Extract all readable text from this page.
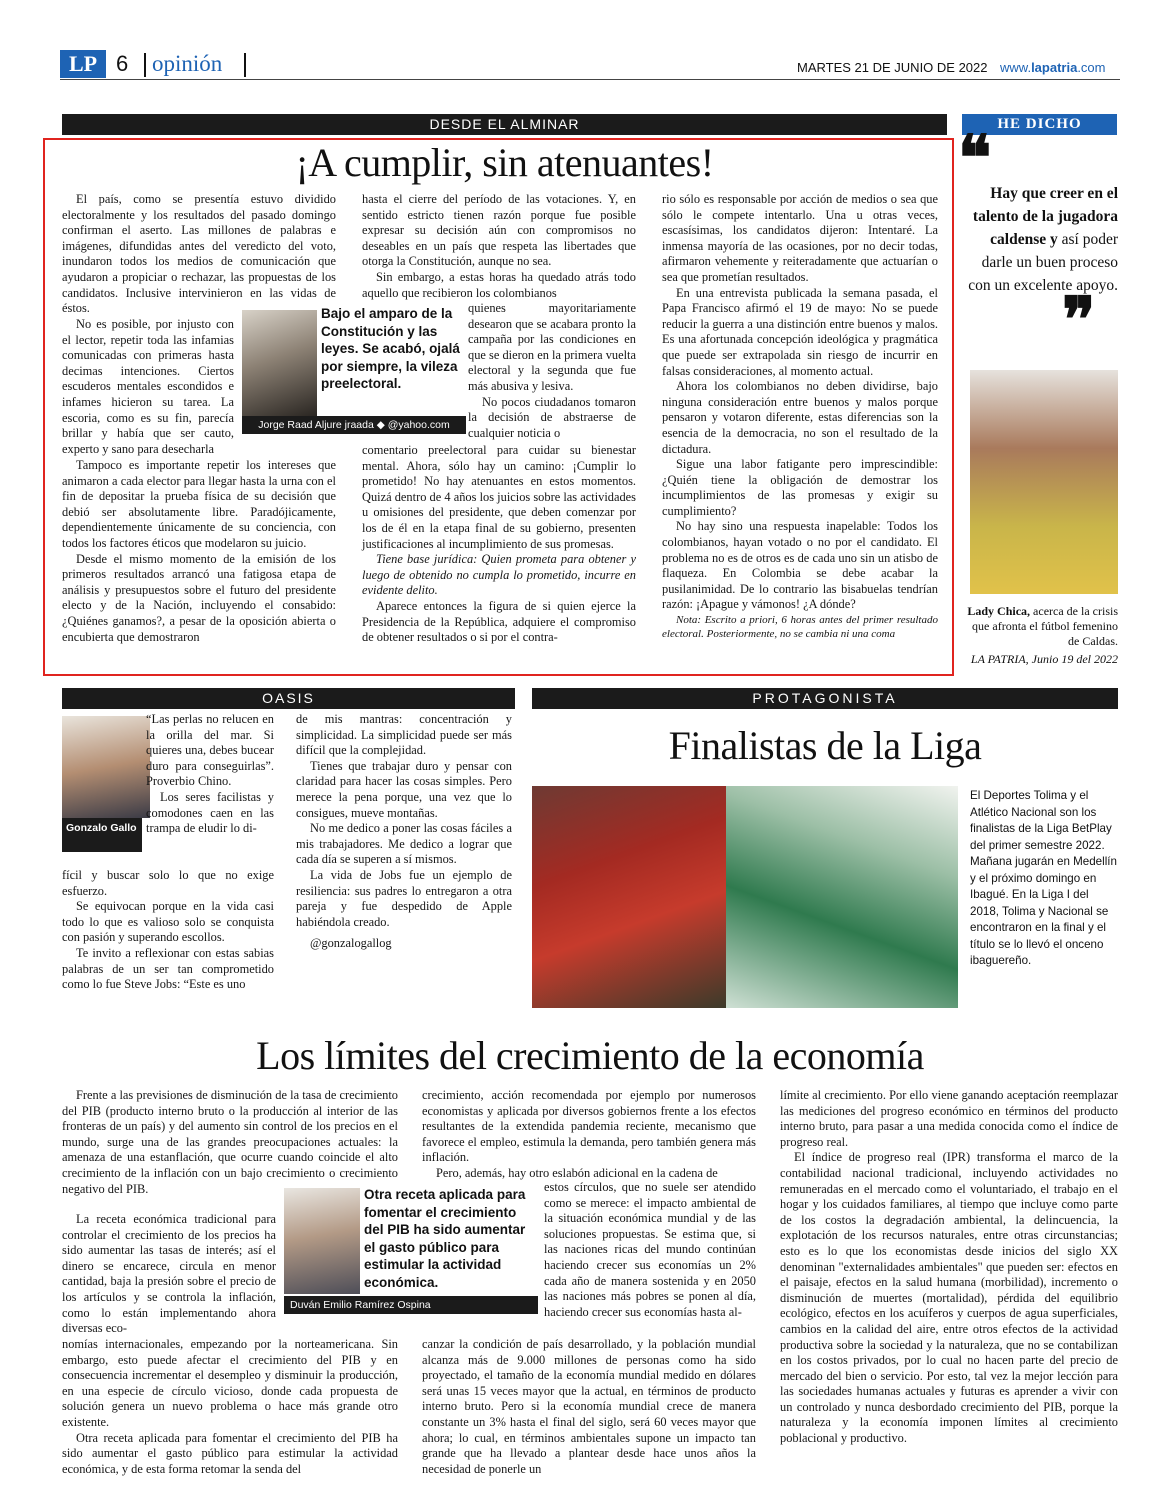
LP 6 opinión	MARTES 21 DE JUNIO DE 2022 www.lapatria.com
DESDE EL ALMINAR
¡A cumplir, sin atenuantes!

El país, como se presentía estuvo dividido electoralmente y los resultados del pasado domingo confirman el aserto. Las millones de palabras e imágenes, difundidas antes del veredicto del voto, inundaron todos los medios de comunicación que ayudaron a propiciar o rechazar, las propuestas de los candidatos. Inclusive intervinieron en las vidas de éstos.

No es posible, por injusto con el lector, repetir toda las infamias comunicadas con primeras hasta decimas intenciones. Ciertos escuderos mentales escondidos e infames hicieron su tarea. La escoria, como es su fin, parecía brillar y había que ser cauto, experto y sano para desecharla

Tampoco es importante repetir los intereses que animaron a cada elector para llegar hasta la urna con el fin de depositar la prueba física de su decisión que debió ser absolutamente libre. Paradójicamente, dependientemente únicamente de su conciencia, con todos los factores éticos que modelaron su juicio.

Desde el mismo momento de la emisión de los primeros resultados arrancó una fatigosa etapa de análisis y presupuestos sobre el futuro del presidente electo y de la Nación, incluyendo el consabido: ¿Quiénes ganamos?, a pesar de la oposición abierta o encubierta que demostraron

Bajo el amparo de la Constitución y las leyes. Se acabó, ojalá por siempre, la vileza preelectoral.
Jorge Raad Aljure jraada ◆ @yahoo.com

hasta el cierre del período de las votaciones. Y, en sentido estricto tienen razón porque fue posible expresar su decisión aún con compromisos no deseables en un país que respeta las libertades que otorga la Constitución, aunque no sea.

Sin embargo, a estas horas ha quedado atrás todo aquello que recibieron los colombianos

quienes mayoritariamente desearon que se acabara pronto la campaña por las condiciones en que se dieron en la primera vuelta electoral y la segunda que fue más abusiva y lesiva.

No pocos ciudadanos tomaron la decisión de abstraerse de cualquier noticia o

comentario preelectoral para cuidar su bienestar mental. Ahora, sólo hay un camino: ¡Cumplir lo prometido! No hay atenuantes en estos momentos. Quizá dentro de 4 años los juicios sobre las actividades u omisiones del presidente, que deben comenzar por los de él en la etapa final de su gobierno, presenten justificaciones al incumplimiento de sus promesas.

Tiene base jurídica: Quien prometa para obtener y luego de obtenido no cumpla lo prometido, incurre en evidente delito.

Aparece entonces la figura de si quien ejerce la Presidencia de la República, adquiere el compromiso de obtener resultados o si por el contra-

rio sólo es responsable por acción de medios o sea que sólo le compete intentarlo. Una u otras veces, escasísimas, los candidatos dijeron: Intentaré. La inmensa mayoría de las ocasiones, por no decir todas, afirmaron vehemente y reiteradamente que actuarían o sea que prometían resultados.

En una entrevista publicada la semana pasada, el Papa Francisco afirmó el 19 de mayo: No se puede reducir la guerra a una distinción entre buenos y malos. Es una afortunada concepción ideológica y pragmática que puede ser extrapolada sin riesgo de incurrir en falsas consideraciones, al momento actual.

Ahora los colombianos no deben dividirse, bajo ninguna consideración entre buenos y malos porque pensaron y votaron diferente, estas diferencias son la esencia de la democracia, no son el resultado de la dictadura.

Sigue una labor fatigante pero imprescindible: ¿Quién tiene la obligación de demostrar los incumplimientos de las promesas y exigir su cumplimiento?

No hay sino una respuesta inapelable: Todos los colombianos, hayan votado o no por el candidato. El problema no es de otros es de cada uno sin un atisbo de flaqueza. En Colombia se debe acabar la pusilanimidad. De lo contrario las bisabuelas tendrían razón: ¡Apague y vámonos! ¿A dónde?

Nota: Escrito a priori, 6 horas antes del primer resultado electoral. Posteriormente, no se cambia ni una coma

HE DICHO
❝
Hay que creer en el talento de la jugadora caldense y así poder darle un buen proceso con un excelente apoyo.
❞
Lady Chica, acerca de la crisis que afronta el fútbol femenino de Caldas.
LA PATRIA, Junio 19 del 2022
OASIS
Gonzalo Gallo

“Las perlas no relucen en la orilla del mar. Si quieres una, debes bucear duro para conseguirlas”. Proverbio Chino.

Los seres facilistas y comodones caen en las trampa de eludir lo di-

fícil y buscar solo lo que no exige esfuerzo.

Se equivocan porque en la vida casi todo lo que es valioso solo se conquista con pasión y superando escollos.

Te invito a reflexionar con estas sabias palabras de un ser tan comprometido como lo fue Steve Jobs: “Este es uno

de mis mantras: concentración y simplicidad. La simplicidad puede ser más difícil que la complejidad.

Tienes que trabajar duro y pensar con claridad para hacer las cosas simples. Pero merece la pena porque, una vez que lo consigues, mueve montañas.

No me dedico a poner las cosas fáciles a mis trabajadores. Me dedico a lograr que cada día se superen a sí mismos.

La vida de Jobs fue un ejemplo de resiliencia: sus padres lo entregaron a otra pareja y fue despedido de Apple habiéndola creado.

@gonzalogallog

PROTAGONISTA
Finalistas de la Liga
El Deportes Tolima y el Atlético Nacional son los finalistas de la Liga BetPlay del primer semestre 2022. Mañana jugarán en Medellín y el próximo domingo en Ibagué. En la Liga I del 2018, Tolima y Nacional se encontraron en la final y el título se lo llevó el onceno ibaguereño.
Los límites del crecimiento de la economía

Frente a las previsiones de disminución de la tasa de crecimiento del PIB (producto interno bruto o la producción al interior de las fronteras de un país) y del aumento sin control de los precios en el mundo, surge una de las grandes preocupaciones actuales: la amenaza de una estanflación, que ocurre cuando coincide el alto crecimiento de la inflación con un bajo crecimiento o crecimiento negativo del PIB.

La receta económica tradicional para controlar el crecimiento de los precios ha sido aumentar las tasas de interés; así el dinero se encarece, circula en menor cantidad, baja la presión sobre el precio de los artículos y se controla la inflación, como lo están implementando ahora diversas eco-

nomías internacionales, empezando por la norteamericana. Sin embargo, esto puede afectar el crecimiento del PIB y en consecuencia incrementar el desempleo y disminuir la producción, en una especie de círculo vicioso, donde cada propuesta de solución genera un nuevo problema o hace más grande otro existente.

Otra receta aplicada para fomentar el crecimiento del PIB ha sido aumentar el gasto público para estimular la actividad económica, y de esta forma retomar la senda del

crecimiento, acción recomendada por ejemplo por numerosos economistas y aplicada por diversos gobiernos frente a los efectos resultantes de la extendida pandemia reciente, mecanismo que favorece el empleo, estimula la demanda, pero también genera más inflación.

Pero, además, hay otro eslabón adicional en la cadena de

estos círculos, que no suele ser atendido como se merece: el impacto ambiental de la situación económica mundial y de las soluciones propuestas. Se estima que, si las naciones ricas del mundo continúan haciendo crecer sus economías un 2% cada año de manera sostenida y en 2050 las naciones más pobres se ponen al día, haciendo crecer sus economías hasta al-

canzar la condición de país desarrollado, y la población mundial alcanza más de 9.000 millones de personas como ha sido proyectado, el tamaño de la economía mundial medido en dólares será unas 15 veces mayor que la actual, en términos de producto interno bruto. Pero si la economía mundial crece de manera constante un 3% hasta el final del siglo, será 60 veces mayor que ahora; lo cual, en términos ambientales supone un impacto tan grande que ha llevado a plantear desde hace unos años la necesidad de ponerle un

Otra receta aplicada para fomentar el crecimiento del PIB ha sido aumentar el gasto público para estimular la actividad económica.
Duván Emilio Ramírez Ospina

límite al crecimiento. Por ello viene ganando aceptación reemplazar las mediciones del progreso económico en términos del producto interno bruto, para pasar a una medida conocida como el índice de progreso real.

El índice de progreso real (IPR) transforma el marco de la contabilidad nacional tradicional, incluyendo actividades no remuneradas en el mercado como el voluntariado, el trabajo en el hogar y los cuidados familiares, al tiempo que incluye como parte de los costos la degradación ambiental, la delincuencia, la explotación de los recursos naturales, entre otras circunstancias; esto es lo que los economistas desde inicios del siglo XX denominan "externalidades ambientales" que pueden ser: efectos en el paisaje, efectos en la salud humana (morbilidad), incremento o disminución de muertes (mortalidad), pérdida del equilibrio ecológico, efectos en los acuíferos y cuerpos de agua superficiales, cambios en la calidad del aire, entre otros efectos de la actividad productiva sobre la sociedad y la naturaleza, que no se contabilizan en los costos privados, por lo cual no hacen parte del precio de mercado del bien o servicio. Por esto, tal vez la mejor lección para las sociedades humanas actuales y futuras es aprender a vivir con un controlado y nunca desbordado crecimiento del PIB, porque la naturaleza y la economía imponen límites al crecimiento poblacional y productivo.
